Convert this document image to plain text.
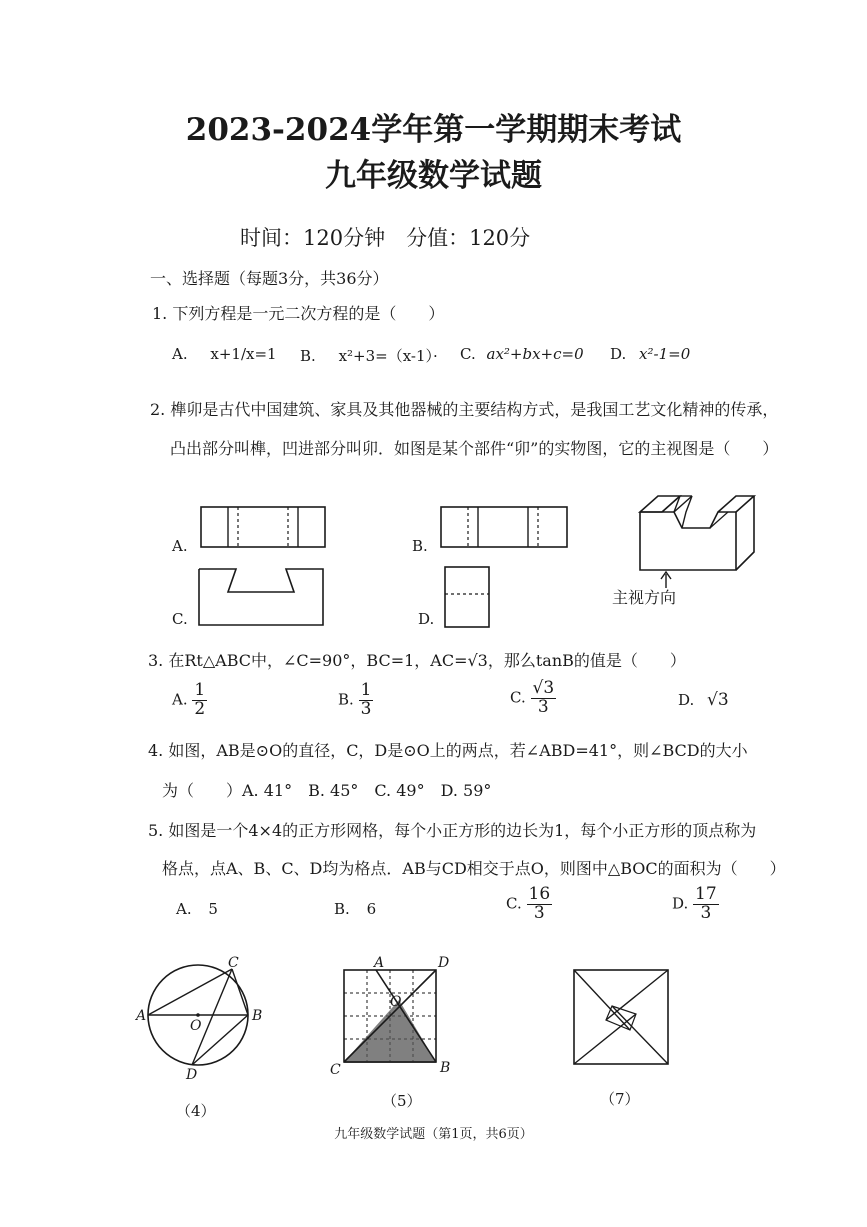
2023-2024学年第一学期期末考试
九年级数学试题
时间：120分钟　分值：120分
一、选择题（每题3分，共36分）
1. 下列方程是一元二次方程的是（　　）
A. x+1/x=1 B. x²+3=（x-1）· C. ax²+bx+c=0 D. x²-1=0
2. 榫卯是古代中国建筑、家具及其他器械的主要结构方式，是我国工艺文化精神的传承，
凸出部分叫榫，凹进部分叫卯．如图是某个部件“卯”的实物图，它的主视图是（　　）
A.	B.
C.	D.
主视方向
3. 在Rt△ABC中，∠C=90°，BC=1，AC=√3，那么tanB的值是（　　）
A. $\frac{1}{2}$	B. $\frac{1}{3}$	C. $\frac{√3}{3}$	D. √3
4. 如图，AB是⊙O的直径，C，D是⊙O上的两点，若∠ABD=41°，则∠BCD的大小
为（　　）A. 41°　B. 45°　C. 49°　D. 59°
5. 如图是一个4×4的正方形网格，每个小正方形的边长为1，每个小正方形的顶点称为
格点，点A、B、C、D均为格点．AB与CD相交于点O，则图中△BOC的面积为（　　）
A. 5	B. 6	C. $\frac{16}{3}$	D. $\frac{17}{3}$
A	B
C
D
O
（4）
A	D
C	B
O
（5）	（7）
九年级数学试题（第1页，共6页）
